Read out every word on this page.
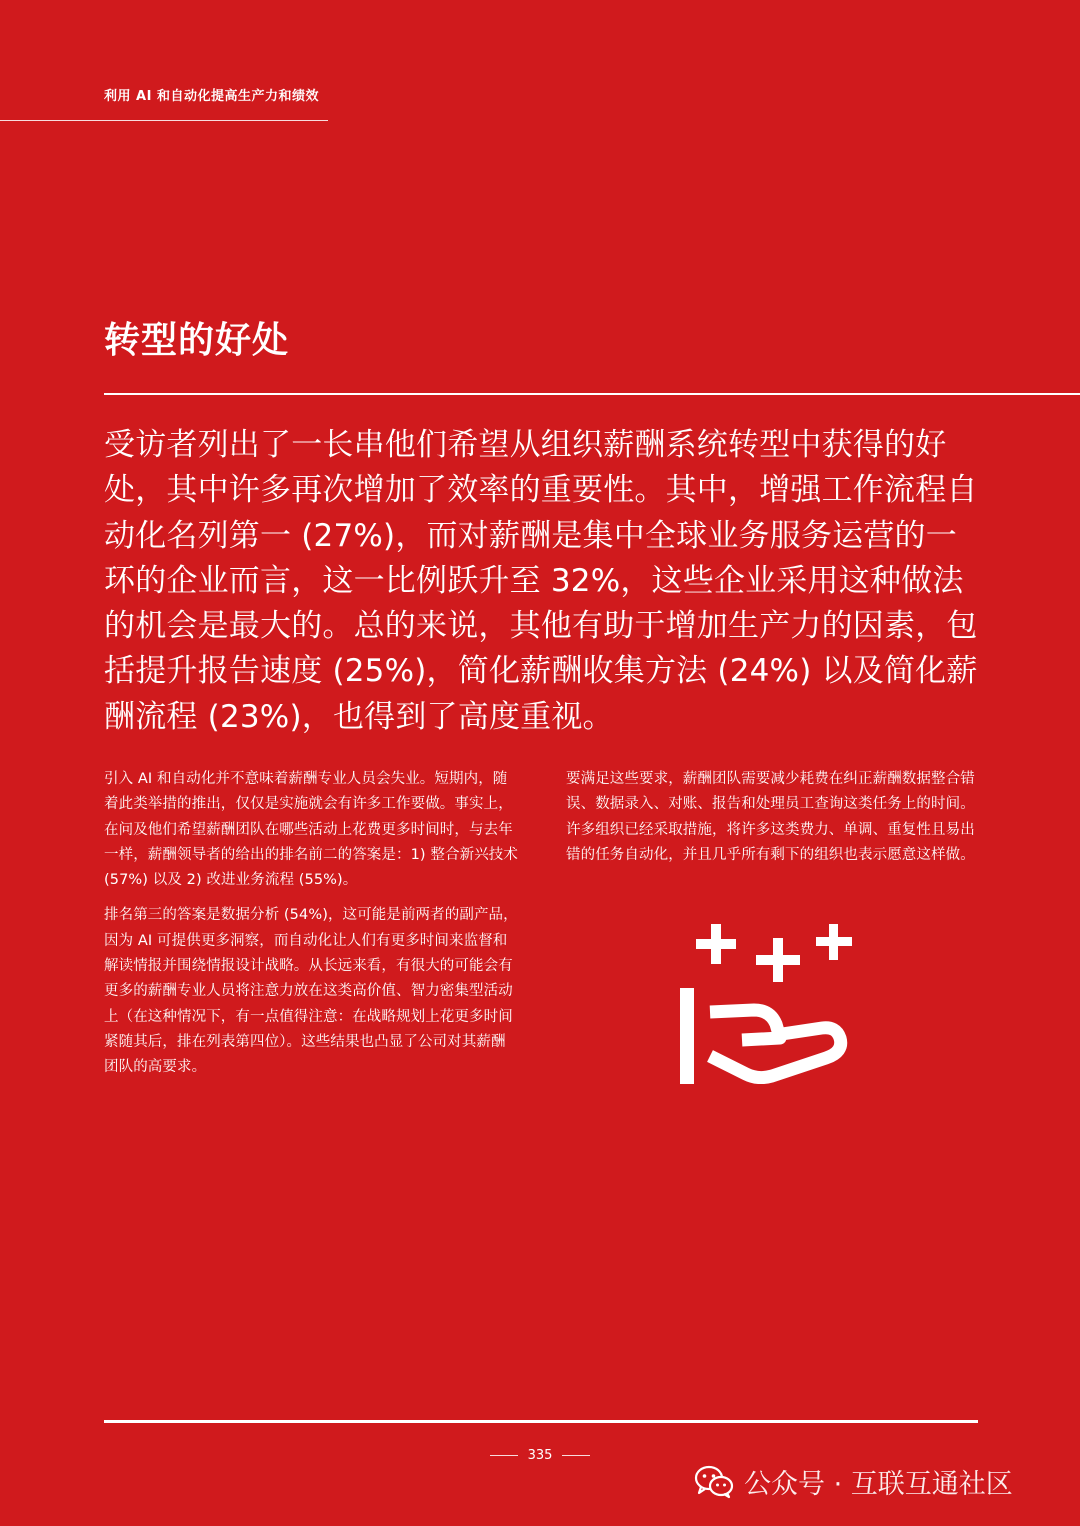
利用 AI 和自动化提高生产力和绩效
转型的好处

受访者列出了一长串他们希望从组织薪酬系统转型中获得的好处，其中许多再次增加了效率的重要性。其中，增强工作流程自动化名列第一 (27%)，而对薪酬是集中全球业务服务运营的一环的企业而言，这一比例跃升至 32%，这些企业采用这种做法的机会是最大的。总的来说，其他有助于增加生产力的因素，包括提升报告速度 (25%)，简化薪酬收集方法 (24%) 以及简化薪酬流程 (23%)，也得到了高度重视。

引入 AI 和自动化并不意味着薪酬专业人员会失业。短期内，随着此类举措的推出，仅仅是实施就会有许多工作要做。事实上，在问及他们希望薪酬团队在哪些活动上花费更多时间时，与去年一样，薪酬领导者的给出的排名前二的答案是：1) 整合新兴技术 (57%) 以及 2) 改进业务流程 (55%)。

排名第三的答案是数据分析 (54%)，这可能是前两者的副产品，因为 AI 可提供更多洞察，而自动化让人们有更多时间来监督和解读情报并围绕情报设计战略。从长远来看，有很大的可能会有更多的薪酬专业人员将注意力放在这类高价值、智力密集型活动上（在这种情况下，有一点值得注意：在战略规划上花更多时间紧随其后，排在列表第四位）。这些结果也凸显了公司对其薪酬团队的高要求。

要满足这些要求，薪酬团队需要减少耗费在纠正薪酬数据整合错误、数据录入、对账、报告和处理员工查询这类任务上的时间。许多组织已经采取措施，将许多这类费力、单调、重复性且易出错的任务自动化，并且几乎所有剩下的组织也表示愿意这样做。

335
公众号 · 互联互通社区
